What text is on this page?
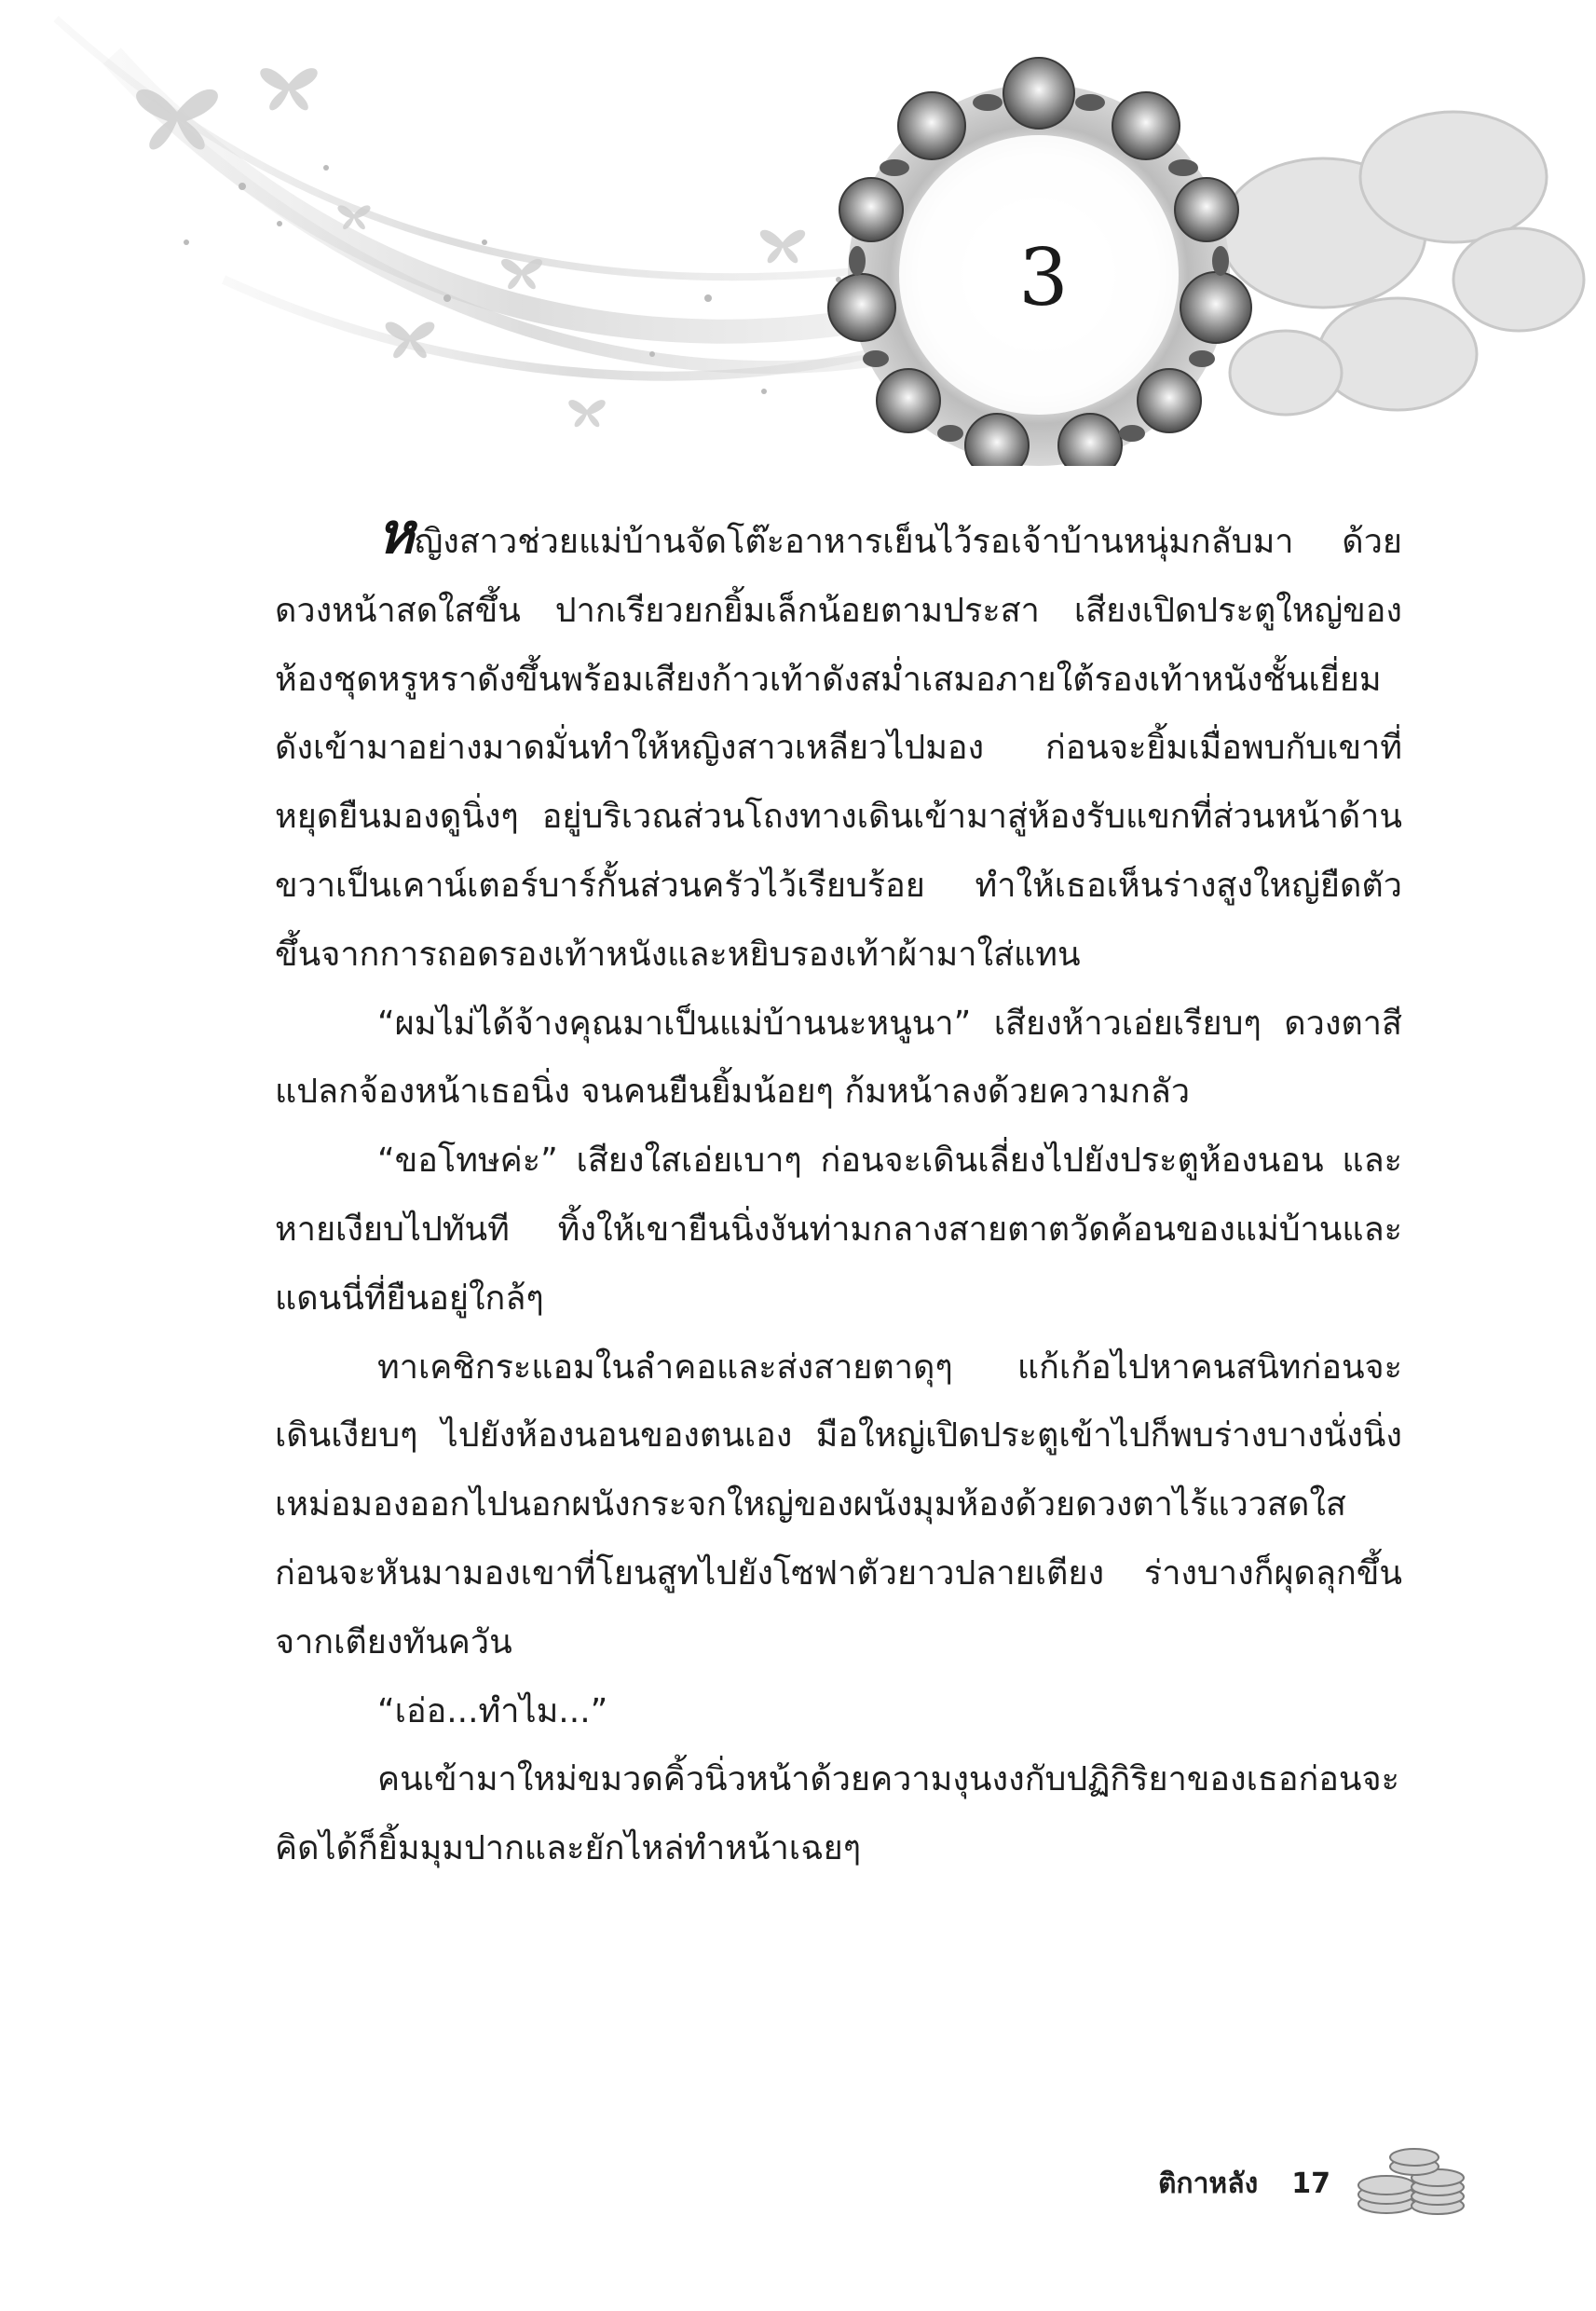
3

หญิงสาวช่วยแม่บ้านจัดโต๊ะอาหารเย็นไว้รอเจ้าบ้านหนุ่มกลับมา ด้วยดวงหน้าสดใสขึ้น ปากเรียวยกยิ้มเล็กน้อยตามประสา เสียงเปิดประตูใหญ่ของห้องชุดหรูหราดังขึ้นพร้อมเสียงก้าวเท้าดังสม่ำเสมอภายใต้รองเท้าหนังชั้นเยี่ยมดังเข้ามาอย่างมาดมั่นทำให้หญิงสาวเหลียวไปมอง ก่อนจะยิ้มเมื่อพบกับเขาที่หยุดยืนมองดูนิ่งๆ อยู่บริเวณส่วนโถงทางเดินเข้ามาสู่ห้องรับแขกที่ส่วนหน้าด้านขวาเป็นเคาน์เตอร์บาร์กั้นส่วนครัวไว้เรียบร้อย ทำให้เธอเห็นร่างสูงใหญ่ยืดตัวขึ้นจากการถอดรองเท้าหนังและหยิบรองเท้าผ้ามาใส่แทน

“ผมไม่ได้จ้างคุณมาเป็นแม่บ้านนะหนูนา” เสียงห้าวเอ่ยเรียบๆ ดวงตาสีแปลกจ้องหน้าเธอนิ่ง จนคนยืนยิ้มน้อยๆ ก้มหน้าลงด้วยความกลัว

“ขอโทษค่ะ” เสียงใสเอ่ยเบาๆ ก่อนจะเดินเลี่ยงไปยังประตูห้องนอน และหายเงียบไปทันที ทิ้งให้เขายืนนิ่งงันท่ามกลางสายตาตวัดค้อนของแม่บ้านและแดนนี่ที่ยืนอยู่ใกล้ๆ

ทาเคชิกระแอมในลำคอและส่งสายตาดุๆ แก้เก้อไปหาคนสนิทก่อนจะเดินเงียบๆ ไปยังห้องนอนของตนเอง มือใหญ่เปิดประตูเข้าไปก็พบร่างบางนั่งนิ่งเหม่อมองออกไปนอกผนังกระจกใหญ่ของผนังมุมห้องด้วยดวงตาไร้แววสดใส ก่อนจะหันมามองเขาที่โยนสูทไปยังโซฟาตัวยาวปลายเตียง ร่างบางก็ผุดลุกขึ้นจากเตียงทันควัน

“เอ่อ...ทำไม...”

คนเข้ามาใหม่ขมวดคิ้วนิ่วหน้าด้วยความงุนงงกับปฏิกิริยาของเธอก่อนจะคิดได้ก็ยิ้มมุมปากและยักไหล่ทำหน้าเฉยๆ

ติกาหลัง 17
